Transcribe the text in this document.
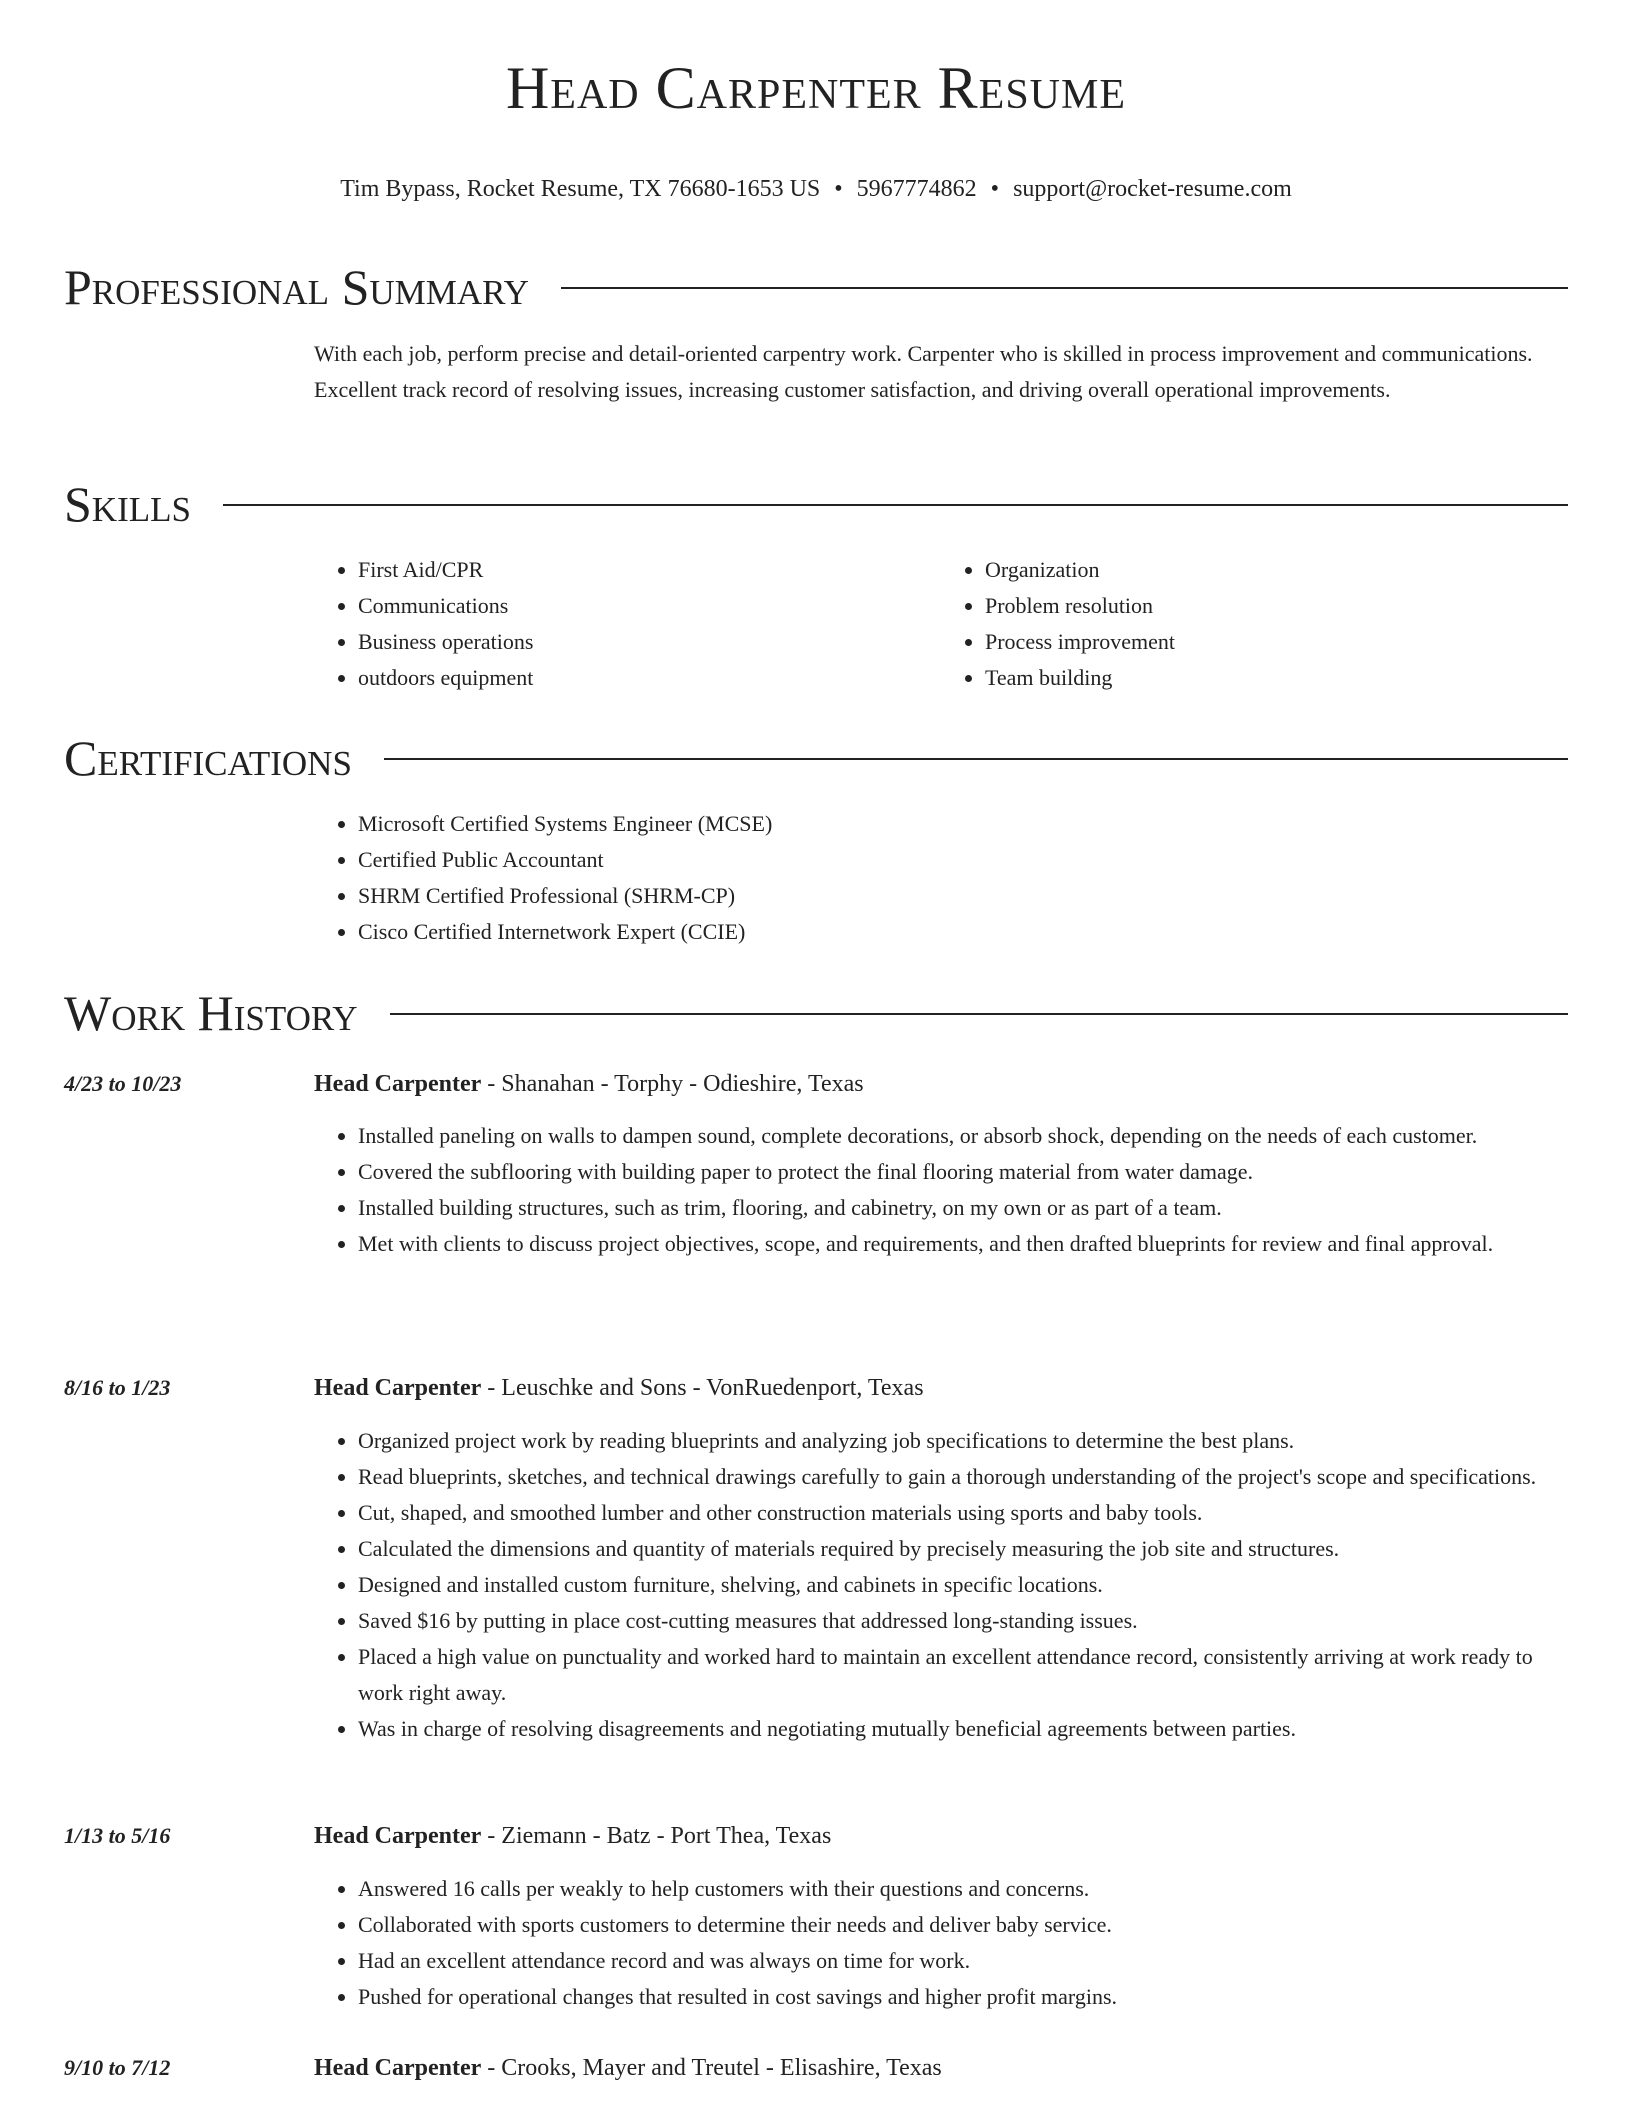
Head Carpenter Resume
Tim Bypass, Rocket Resume, TX 76680-1653 US • 5967774862 • support@rocket-resume.com
Professional Summary
With each job, perform precise and detail-oriented carpentry work. Carpenter who is skilled in process improvement and communications. Excellent track record of resolving issues, increasing customer satisfaction, and driving overall operational improvements.
Skills
• First Aid/CPR
• Communications
• Business operations
• outdoors equipment
• Organization
• Problem resolution
• Process improvement
• Team building
Certifications
• Microsoft Certified Systems Engineer (MCSE)
• Certified Public Accountant
• SHRM Certified Professional (SHRM-CP)
• Cisco Certified Internetwork Expert (CCIE)
Work History
4/23 to 10/23	Head Carpenter - Shanahan - Torphy - Odieshire, Texas
• Installed paneling on walls to dampen sound, complete decorations, or absorb shock, depending on the needs of each customer.
• Covered the subflooring with building paper to protect the final flooring material from water damage.
• Installed building structures, such as trim, flooring, and cabinetry, on my own or as part of a team.
• Met with clients to discuss project objectives, scope, and requirements, and then drafted blueprints for review and final approval.
8/16 to 1/23	Head Carpenter - Leuschke and Sons - VonRuedenport, Texas
• Organized project work by reading blueprints and analyzing job specifications to determine the best plans.
• Read blueprints, sketches, and technical drawings carefully to gain a thorough understanding of the project's scope and specifications.
• Cut, shaped, and smoothed lumber and other construction materials using sports and baby tools.
• Calculated the dimensions and quantity of materials required by precisely measuring the job site and structures.
• Designed and installed custom furniture, shelving, and cabinets in specific locations.
• Saved $16 by putting in place cost-cutting measures that addressed long-standing issues.
• Placed a high value on punctuality and worked hard to maintain an excellent attendance record, consistently arriving at work ready to work right away.
• Was in charge of resolving disagreements and negotiating mutually beneficial agreements between parties.
1/13 to 5/16	Head Carpenter - Ziemann - Batz - Port Thea, Texas
• Answered 16 calls per weakly to help customers with their questions and concerns.
• Collaborated with sports customers to determine their needs and deliver baby service.
• Had an excellent attendance record and was always on time for work.
• Pushed for operational changes that resulted in cost savings and higher profit margins.
9/10 to 7/12	Head Carpenter - Crooks, Mayer and Treutel - Elisashire, Texas
